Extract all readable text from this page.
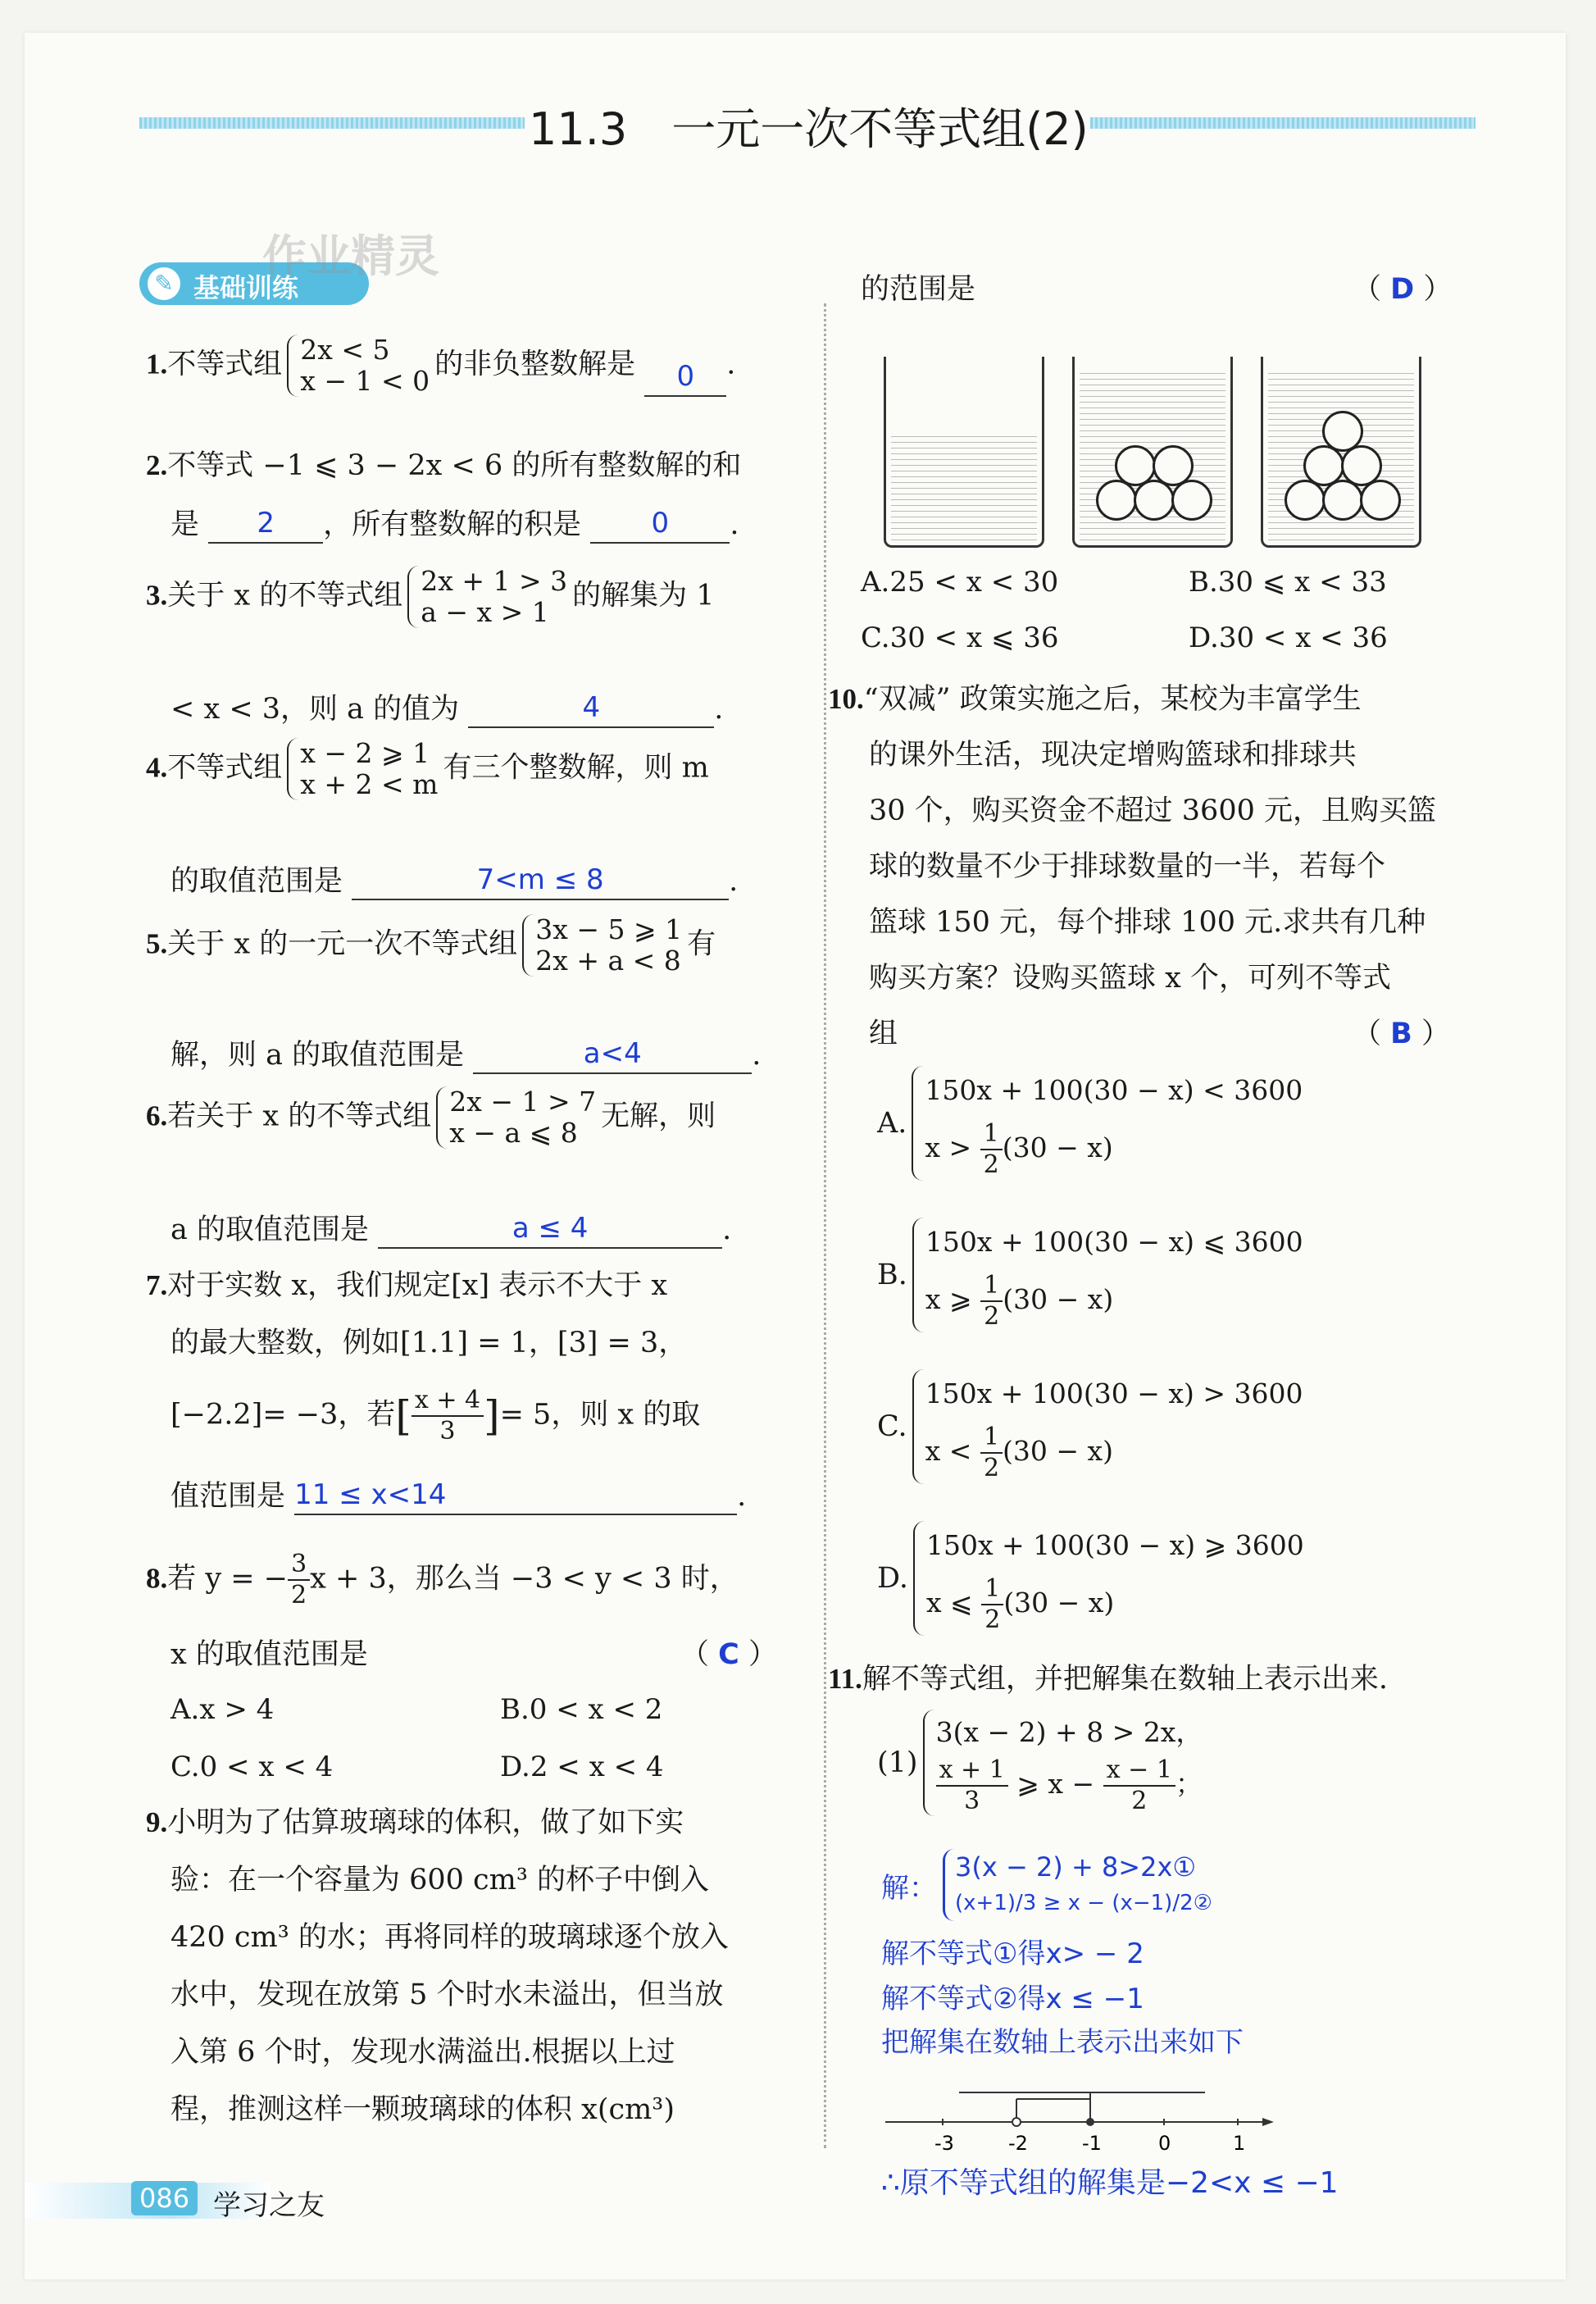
11.3　一元一次不等式组(2)
✎ 基础训练
作业精灵
1.不等式组 2x < 5
x − 1 < 0 的非负整数解是 0 .
2.不等式 −1 ⩽ 3 − 2x < 6 的所有整数解的和
是 2 ，所有整数解的积是	0 .
3.关于 x 的不等式组 2x + 1 > 3
a − x > 1 的解集为 1
< x < 3，则 a 的值为	4	.
4.不等式组 x − 2 ⩾ 1
x + 2 < m 有三个整数解，则 m
的取值范围是	7<m ≤ 8	.
5.关于 x 的一元一次不等式组 3x − 5 ⩾ 1
2x + a < 8 有
解，则 a 的取值范围是	a<4	.
6.若关于 x 的不等式组 2x − 1 > 7
x − a ⩽ 8 无解，则
a 的取值范围是	a ≤ 4	.
7.对于实数 x，我们规定[x] 表示不大于 x
的最大整数，例如[1.1] = 1，[3] = 3，
[−2.2]= −3，若[ $\frac{x + 4}{3}$ ]= 5，则 x 的取
值范围是 11 ≤ x<14	.
8.若 y = − $\frac{3}{2}$ x + 3，那么当 −3 < y < 3 时，
x 的取值范围是	（ C ）
A.x > 4	B.0 < x < 2
C.0 < x < 4	D.2 < x < 4
9.小明为了估算玻璃球的体积，做了如下实
验：在一个容量为 600 cm³ 的杯子中倒入
420 cm³ 的水；再将同样的玻璃球逐个放入
水中，发现在放第 5 个时水未溢出，但当放
入第 6 个时，发现水满溢出.根据以上过
程，推测这样一颗玻璃球的体积 x(cm³)
的范围是	（ D ）
A.25 < x < 30	B.30 ⩽ x < 33
C.30 < x ⩽ 36	D.30 < x < 36
10.“双减” 政策实施之后，某校为丰富学生
的课外生活，现决定增购篮球和排球共
30 个，购买资金不超过 3600 元，且购买篮
球的数量不少于排球数量的一半，若每个
篮球 150 元，每个排球 100 元.求共有几种
购买方案？设购买篮球 x 个，可列不等式
组	（ B ）
A.
150x + 100(30 − x) < 3600
$x > \frac{1}{2} (30 - x)$
B.
150x + 100(30 − x) ⩽ 3600
x ⩾ $\frac{1}{2} (30 - x)$
C.
150x + 100(30 − x) > 3600
$x < \frac{1}{2} (30 - x)$
D.
150x + 100(30 − x) ⩾ 3600
x ⩽ $\frac{1}{2} (30 - x)$
11.解不等式组，并把解集在数轴上表示出来.
(1)
3(x − 2) + 8 > 2x，
$\frac{x + 1}{3}$ ⩾ $x - \frac{x - 1}{2}$ ；
解：
3(x − 2) + 8>2x①
(x+1)/3 ≥ x − (x−1)/2②
解不等式①得x> − 2
解不等式②得x ≤ −1
把解集在数轴上表示出来如下
-3	-2	-1	0	1
∴原不等式组的解集是−2<x ≤ −1
086 学习之友
